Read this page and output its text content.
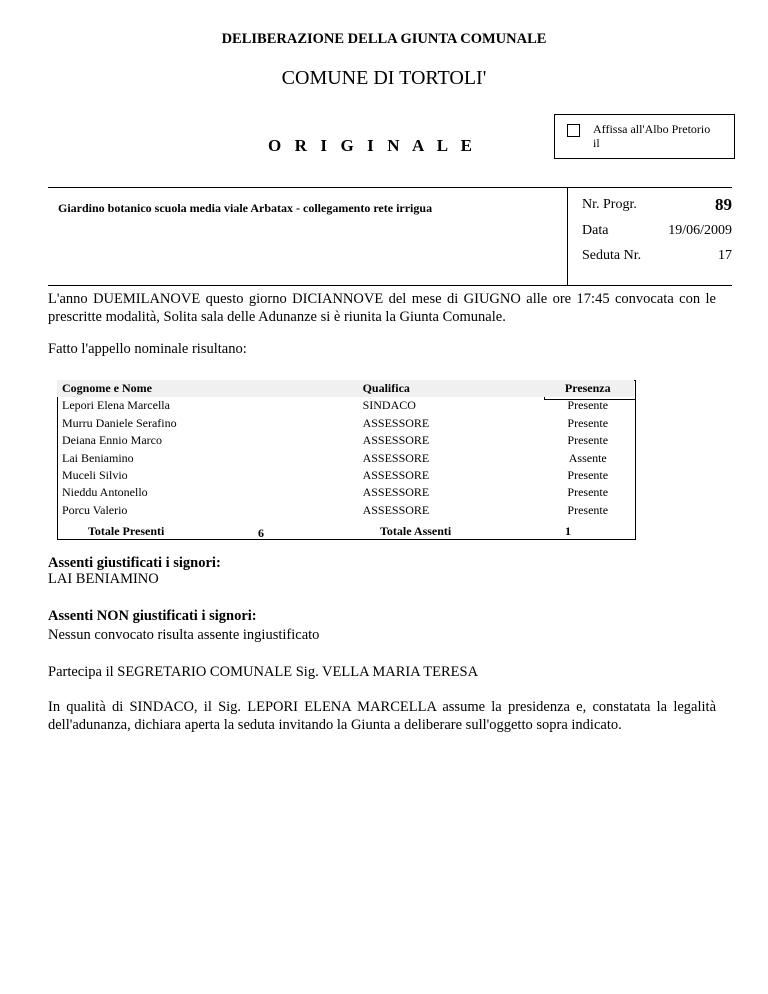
DELIBERAZIONE DELLA GIUNTA COMUNALE
COMUNE DI TORTOLI'
O R I G I N A L E
Affissa all'Albo Pretorio
il
Giardino botanico scuola media viale Arbatax - collegamento rete irrigua	Nr. Progr.	89
Data	19/06/2009
Seduta Nr.	17
L'anno DUEMILANOVE questo giorno DICIANNOVE del mese di GIUGNO alle ore 17:45 convocata con le prescritte modalità, Solita sala delle Adunanze si è riunita la Giunta Comunale.
Fatto l'appello nominale risultano:
Cognome e Nome	Qualifica	Presenza
Lepori Elena Marcella	SINDACO	Presente
Murru Daniele Serafino	ASSESSORE	Presente
Deiana Ennio Marco	ASSESSORE	Presente
Lai Beniamino	ASSESSORE	Assente
Muceli Silvio	ASSESSORE	Presente
Nieddu Antonello	ASSESSORE	Presente
Porcu Valerio	ASSESSORE	Presente
Totale Presenti	6	Totale Assenti	1
Assenti giustificati i signori:
LAI BENIAMINO
Assenti NON giustificati i signori:
Nessun convocato risulta assente ingiustificato
Partecipa il SEGRETARIO COMUNALE Sig. VELLA MARIA TERESA
In qualità di SINDACO, il Sig. LEPORI ELENA MARCELLA assume la presidenza e, constatata la legalità dell'adunanza, dichiara aperta la seduta invitando la Giunta a deliberare sull'oggetto sopra indicato.
